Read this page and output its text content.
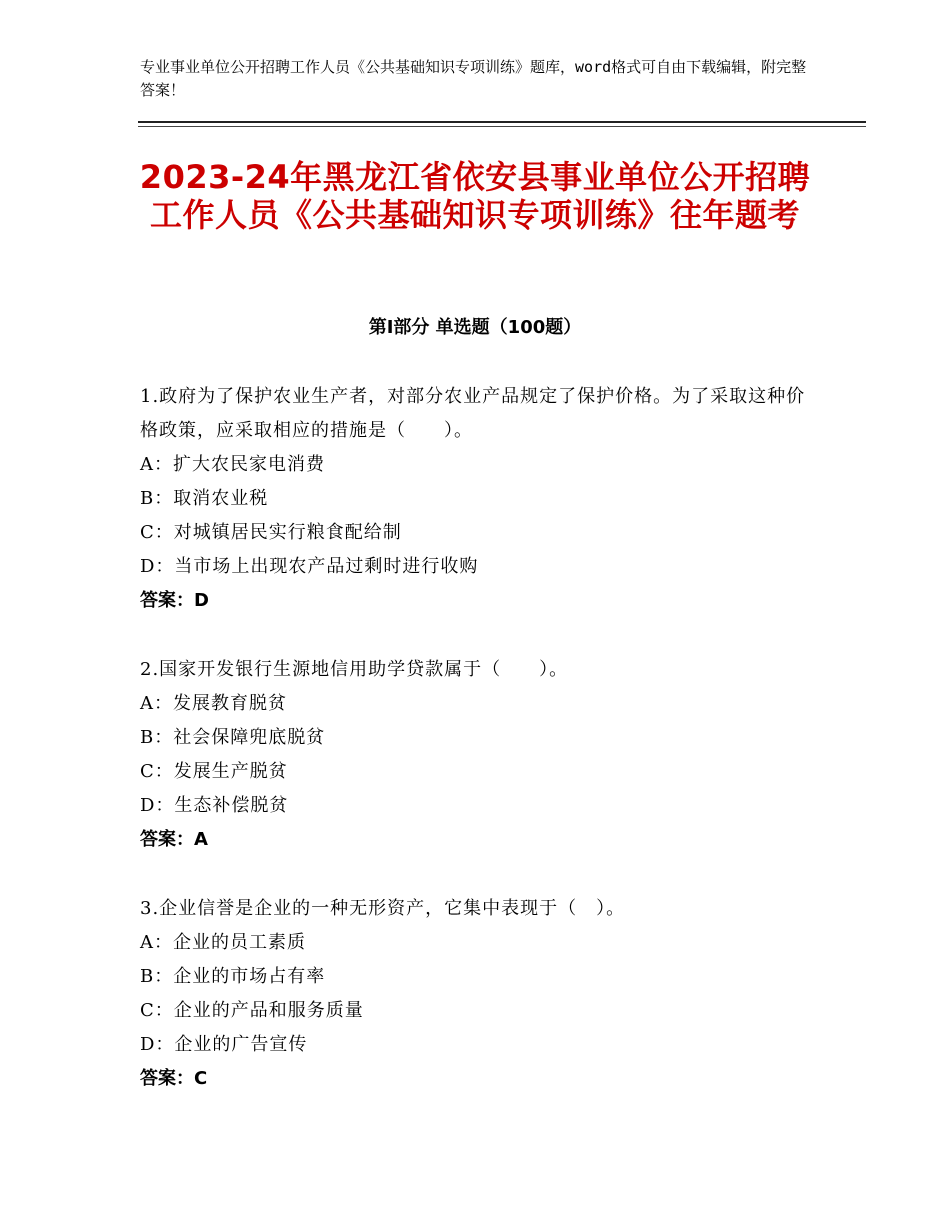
专业事业单位公开招聘工作人员《公共基础知识专项训练》题库，word格式可自由下载编辑，附完整答案！
2023-24年黑龙江省依安县事业单位公开招聘工作人员《公共基础知识专项训练》往年题考
第Ⅰ部分 单选题（100题）

1.政府为了保护农业生产者，对部分农业产品规定了保护价格。为了采取这种价格政策，应采取相应的措施是（　　）。

A：扩大农民家电消费

B：取消农业税

C：对城镇居民实行粮食配给制

D：当市场上出现农产品过剩时进行收购

答案：D

2.国家开发银行生源地信用助学贷款属于（　　）。

A：发展教育脱贫

B：社会保障兜底脱贫

C：发展生产脱贫

D：生态补偿脱贫

答案：A

3.企业信誉是企业的一种无形资产，它集中表现于（　）。

A：企业的员工素质

B：企业的市场占有率

C：企业的产品和服务质量

D：企业的广告宣传

答案：C
